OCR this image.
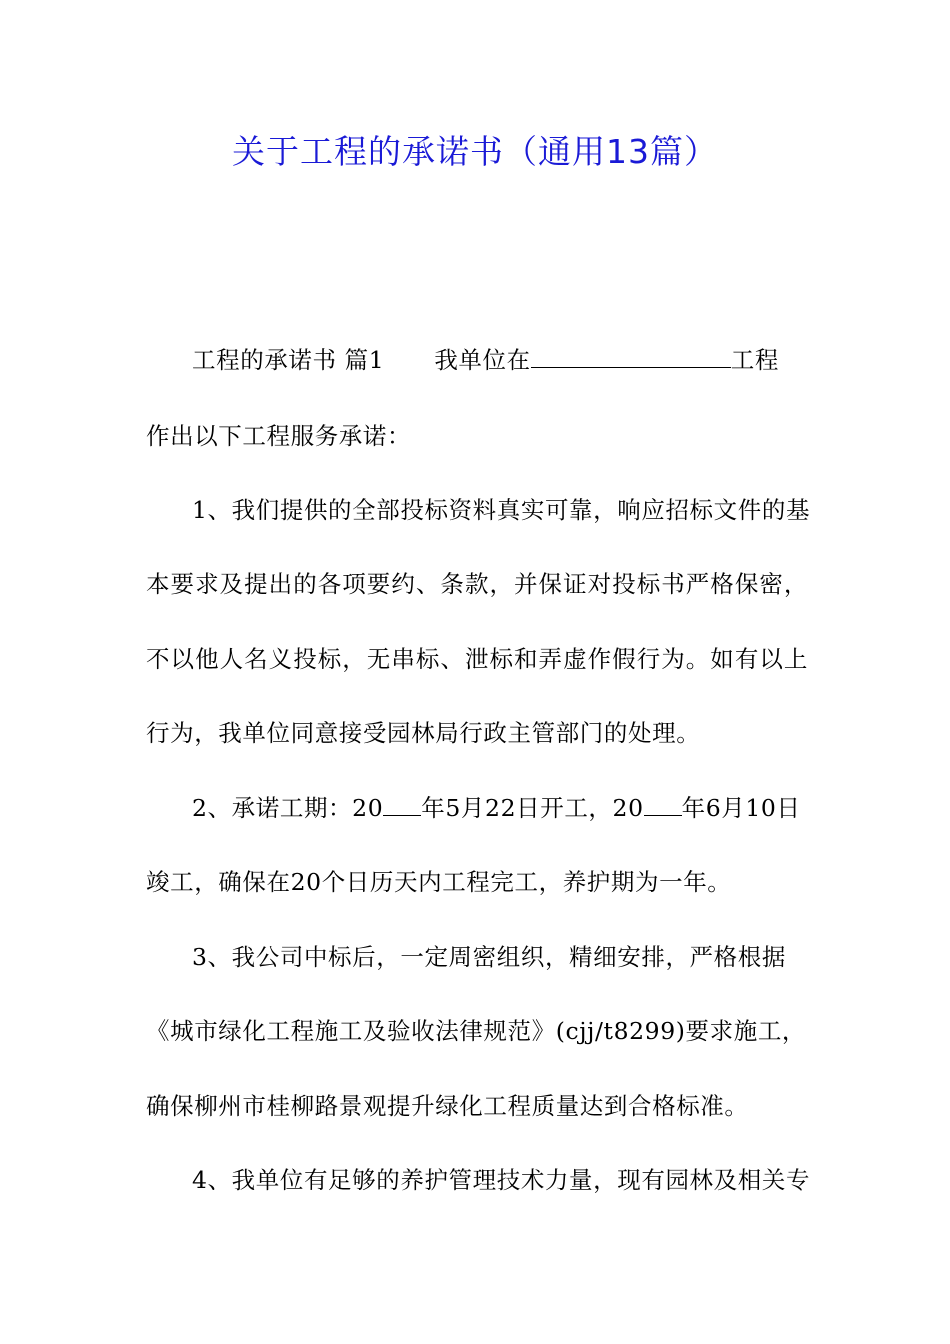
关于工程的承诺书（通用13篇）
工程的承诺书 篇1 我单位在	工程
作出以下工程服务承诺：
1、我们提供的全部投标资料真实可靠，响应招标文件的基
本要求及提出的各项要约、条款，并保证对投标书严格保密，
不以他人名义投标，无串标、泄标和弄虚作假行为。如有以上
行为，我单位同意接受园林局行政主管部门的处理。
2、承诺工期：20 年5月22日开工，20 年6月10日
竣工，确保在20个日历天内工程完工，养护期为一年。
3、我公司中标后，一定周密组织，精细安排，严格根据
《城市绿化工程施工及验收法律规范》(cjj/t8299)要求施工，
确保柳州市桂柳路景观提升绿化工程质量达到合格标准。
4、我单位有足够的养护管理技术力量，现有园林及相关专
